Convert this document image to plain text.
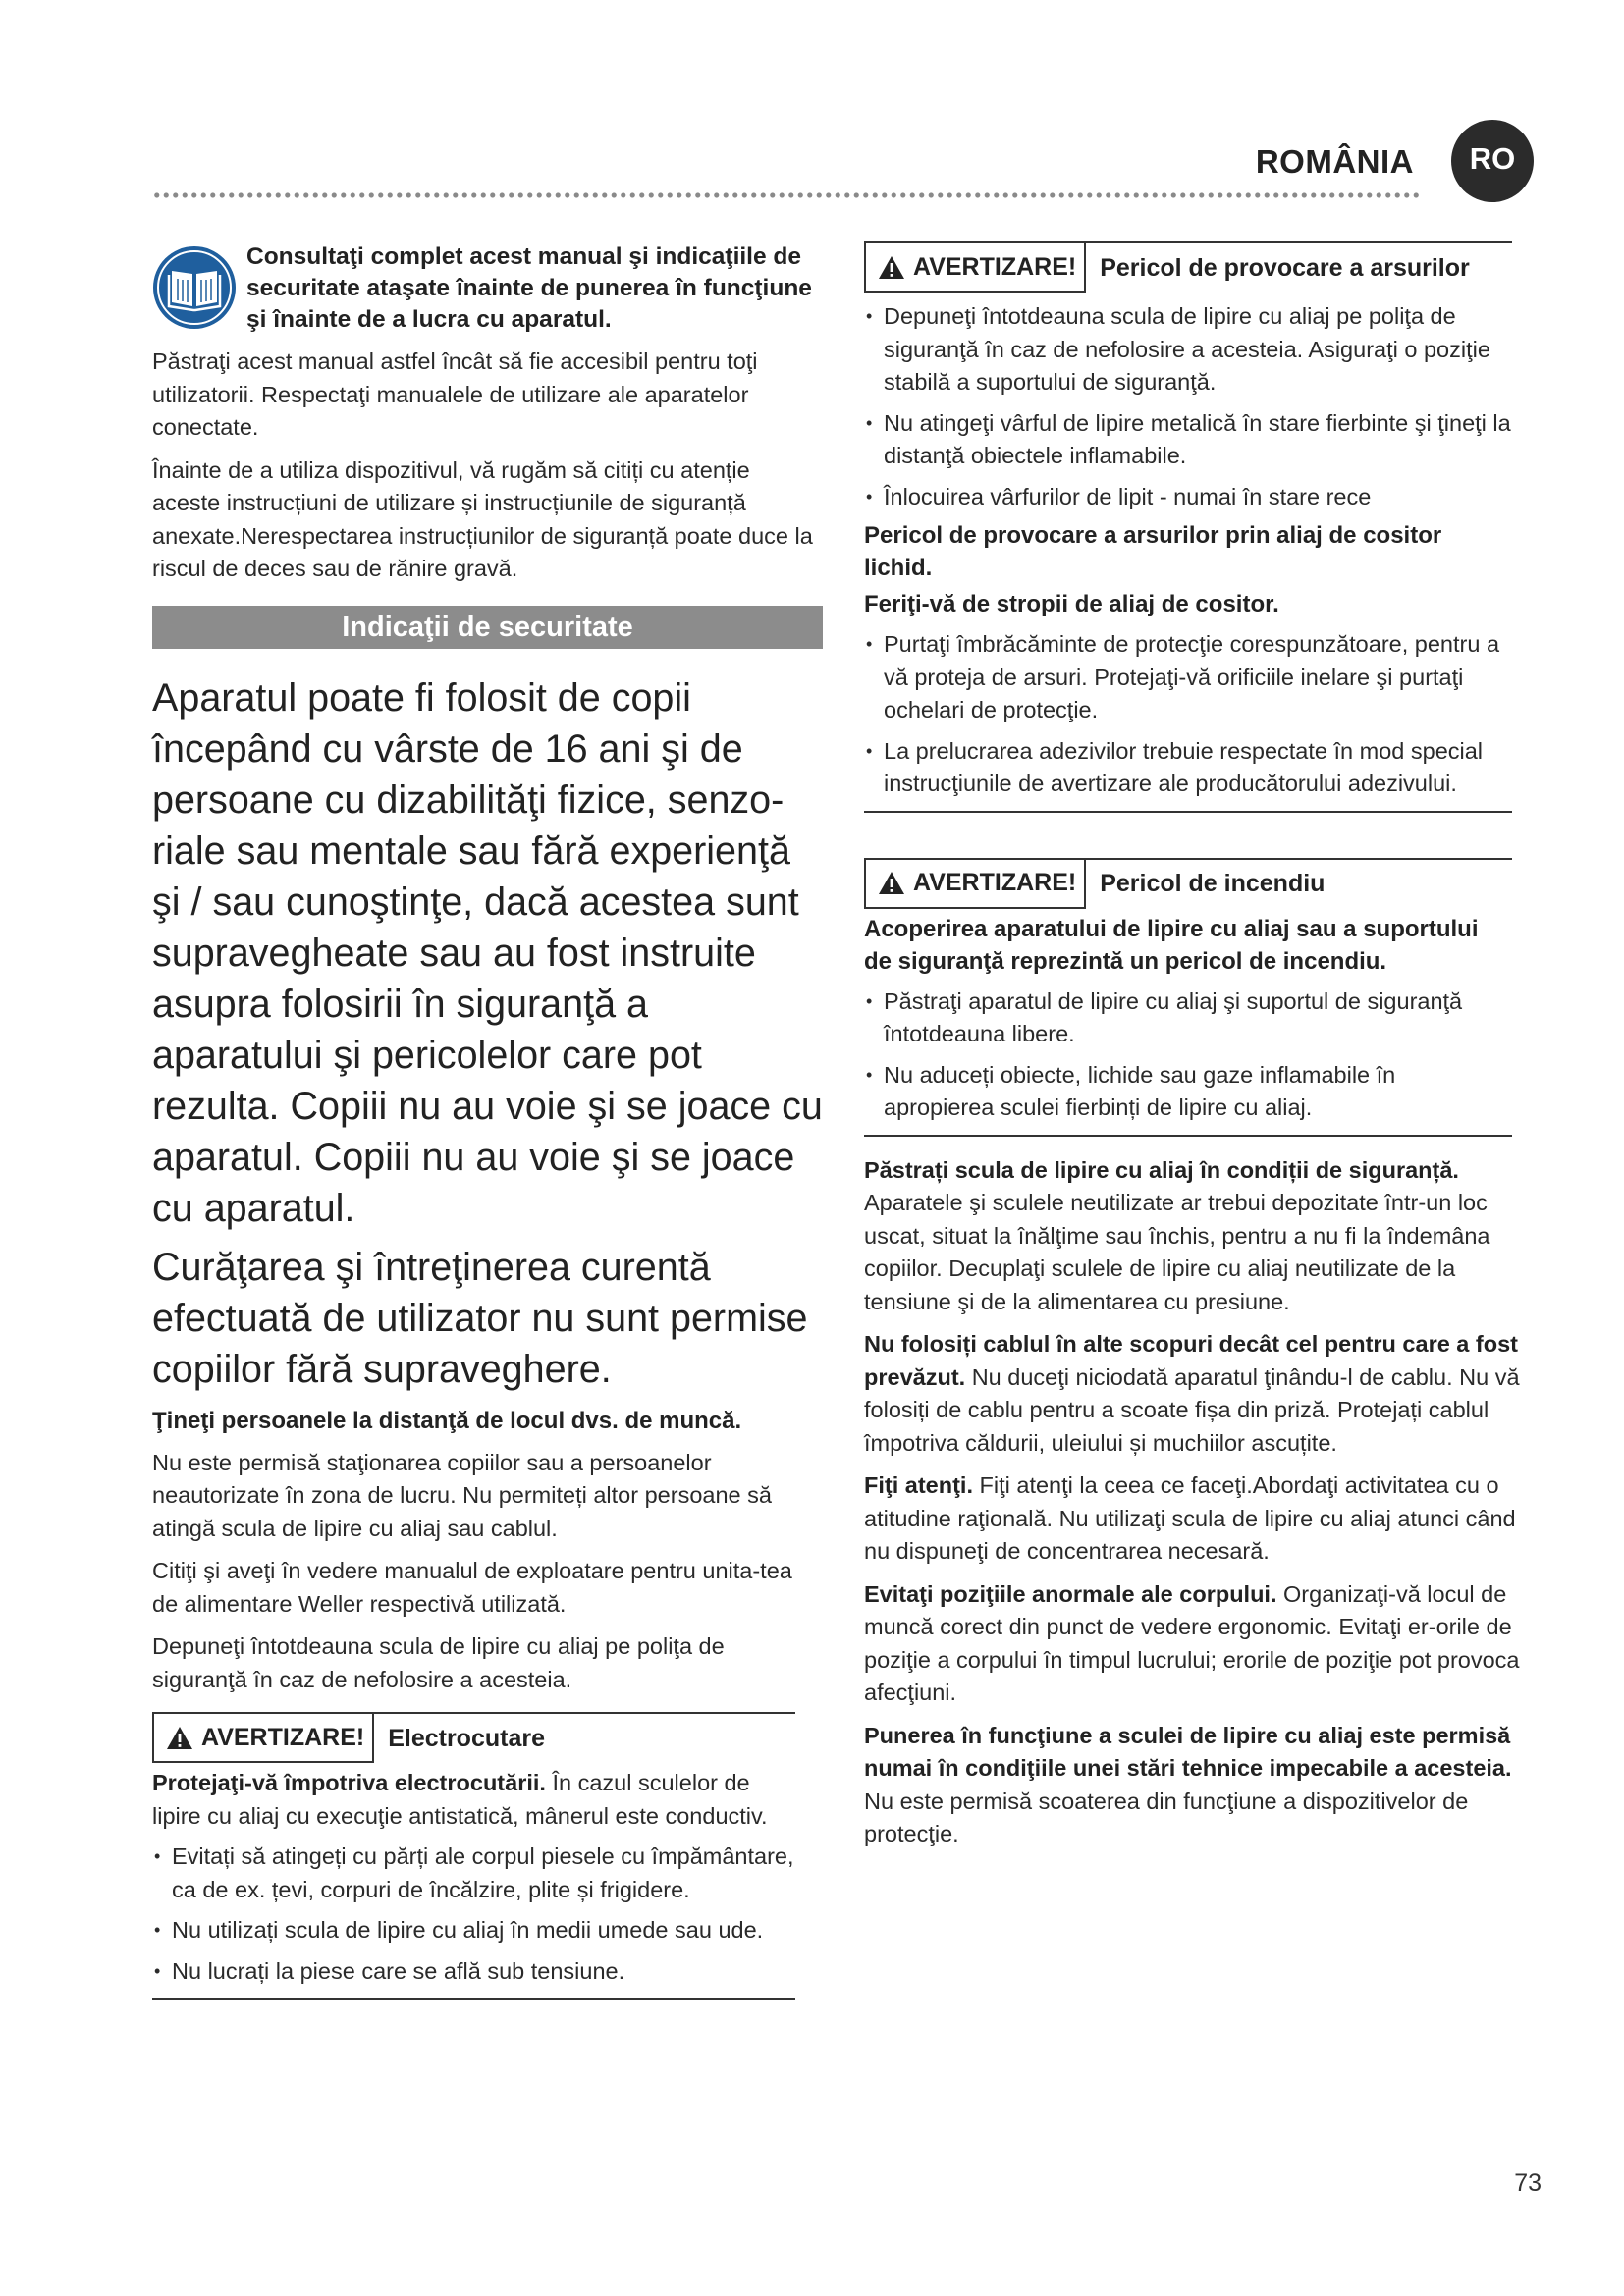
ROMÂNIA	RO

Consultaţi complet acest manual şi indicaţiile de securitate ataşate înainte de punerea în funcţiune şi înainte de a lucra cu aparatul.

Păstraţi acest manual astfel încât să fie accesibil pentru toţi utilizatorii. Respectaţi manualele de utilizare ale aparatelor conectate.

Înainte de a utiliza dispozitivul, vă rugăm să citiți cu atenție aceste instrucțiuni de utilizare și instrucțiunile de siguranță anexate.Nerespectarea instrucțiunilor de siguranță poate duce la riscul de deces sau de rănire gravă.

Indicaţii de securitate

Aparatul poate fi folosit de copii începând cu vârste de 16 ani şi de persoane cu dizabilităţi fizice, senzo-riale sau mentale sau fără experienţă şi / sau cunoştinţe, dacă acestea sunt supravegheate sau au fost instruite asupra folosirii în siguranţă a aparatului şi pericolelor care pot rezulta. Copiii nu au voie şi se joace cu aparatul. Copiii nu au voie şi se joace cu aparatul.

Curăţarea şi întreţinerea curentă efectuată de utilizator nu sunt permise copiilor fără supraveghere.

Ţineţi persoanele la distanţă de locul dvs. de muncă.

Nu este permisă staţionarea copiilor sau a persoanelor neautorizate în zona de lucru. Nu permiteți altor persoane să atingă scula de lipire cu aliaj sau cablul.

Citiţi şi aveţi în vedere manualul de exploatare pentru unita-tea de alimentare Weller respectivă utilizată.

Depuneţi întotdeauna scula de lipire cu aliaj pe poliţa de siguranţă în caz de nefolosire a acesteia.

AVERTIZARE! Electrocutare

Protejaţi-vă împotriva electrocutării. În cazul sculelor de lipire cu aliaj cu execuţie antistatică, mânerul este conductiv.

• Evitați să atingeți cu părți ale corpul piesele cu împământare, ca de ex. țevi, corpuri de încălzire, plite și frigidere.
• Nu utilizați scula de lipire cu aliaj în medii umede sau ude.
• Nu lucrați la piese care se află sub tensiune.
AVERTIZARE! Pericol de provocare a arsurilor
• Depuneţi întotdeauna scula de lipire cu aliaj pe poliţa de siguranţă în caz de nefolosire a acesteia. Asiguraţi o poziţie stabilă a suportului de siguranţă.
• Nu atingeţi vârful de lipire metalică în stare fierbinte şi ţineţi la distanţă obiectele inflamabile.
• Înlocuirea vârfurilor de lipit - numai în stare rece

Pericol de provocare a arsurilor prin aliaj de cositor lichid.

Feriţi-vă de stropii de aliaj de cositor.

• Purtaţi îmbrăcăminte de protecţie corespunzătoare, pentru a vă proteja de arsuri. Protejaţi-vă orificiile inelare şi purtaţi ochelari de protecţie.
• La prelucrarea adezivilor trebuie respectate în mod special instrucţiunile de avertizare ale producătorului adezivului.
AVERTIZARE! Pericol de incendiu

Acoperirea aparatului de lipire cu aliaj sau a suportului de siguranţă reprezintă un pericol de incendiu.

• Păstraţi aparatul de lipire cu aliaj şi suportul de siguranţă întotdeauna libere.
• Nu aduceți obiecte, lichide sau gaze inflamabile în apropierea sculei fierbinți de lipire cu aliaj.

Păstrați scula de lipire cu aliaj în condiții de siguranță.

Aparatele şi sculele neutilizate ar trebui depozitate într-un loc uscat, situat la înălţime sau închis, pentru a nu fi la îndemâna copiilor. Decuplaţi sculele de lipire cu aliaj neutilizate de la tensiune şi de la alimentarea cu presiune.

Nu folosiți cablul în alte scopuri decât cel pentru care a fost prevăzut. Nu duceţi niciodată aparatul ţinându-l de cablu. Nu vă folosiți de cablu pentru a scoate fișa din priză. Protejați cablul împotriva căldurii, uleiului și muchiilor ascuțite.

Fiţi atenţi. Fiţi atenţi la ceea ce faceţi.Abordaţi activitatea cu o atitudine raţională. Nu utilizaţi scula de lipire cu aliaj atunci când nu dispuneţi de concentrarea necesară.

Evitaţi poziţiile anormale ale corpului. Organizaţi-vă locul de muncă corect din punct de vedere ergonomic. Evitaţi er-orile de poziţie a corpului în timpul lucrului; erorile de poziţie pot provoca afecţiuni.

Punerea în funcţiune a sculei de lipire cu aliaj este permisă numai în condiţiile unei stări tehnice impecabile a acesteia. Nu este permisă scoaterea din funcţiune a dispozitivelor de protecţie.

73
